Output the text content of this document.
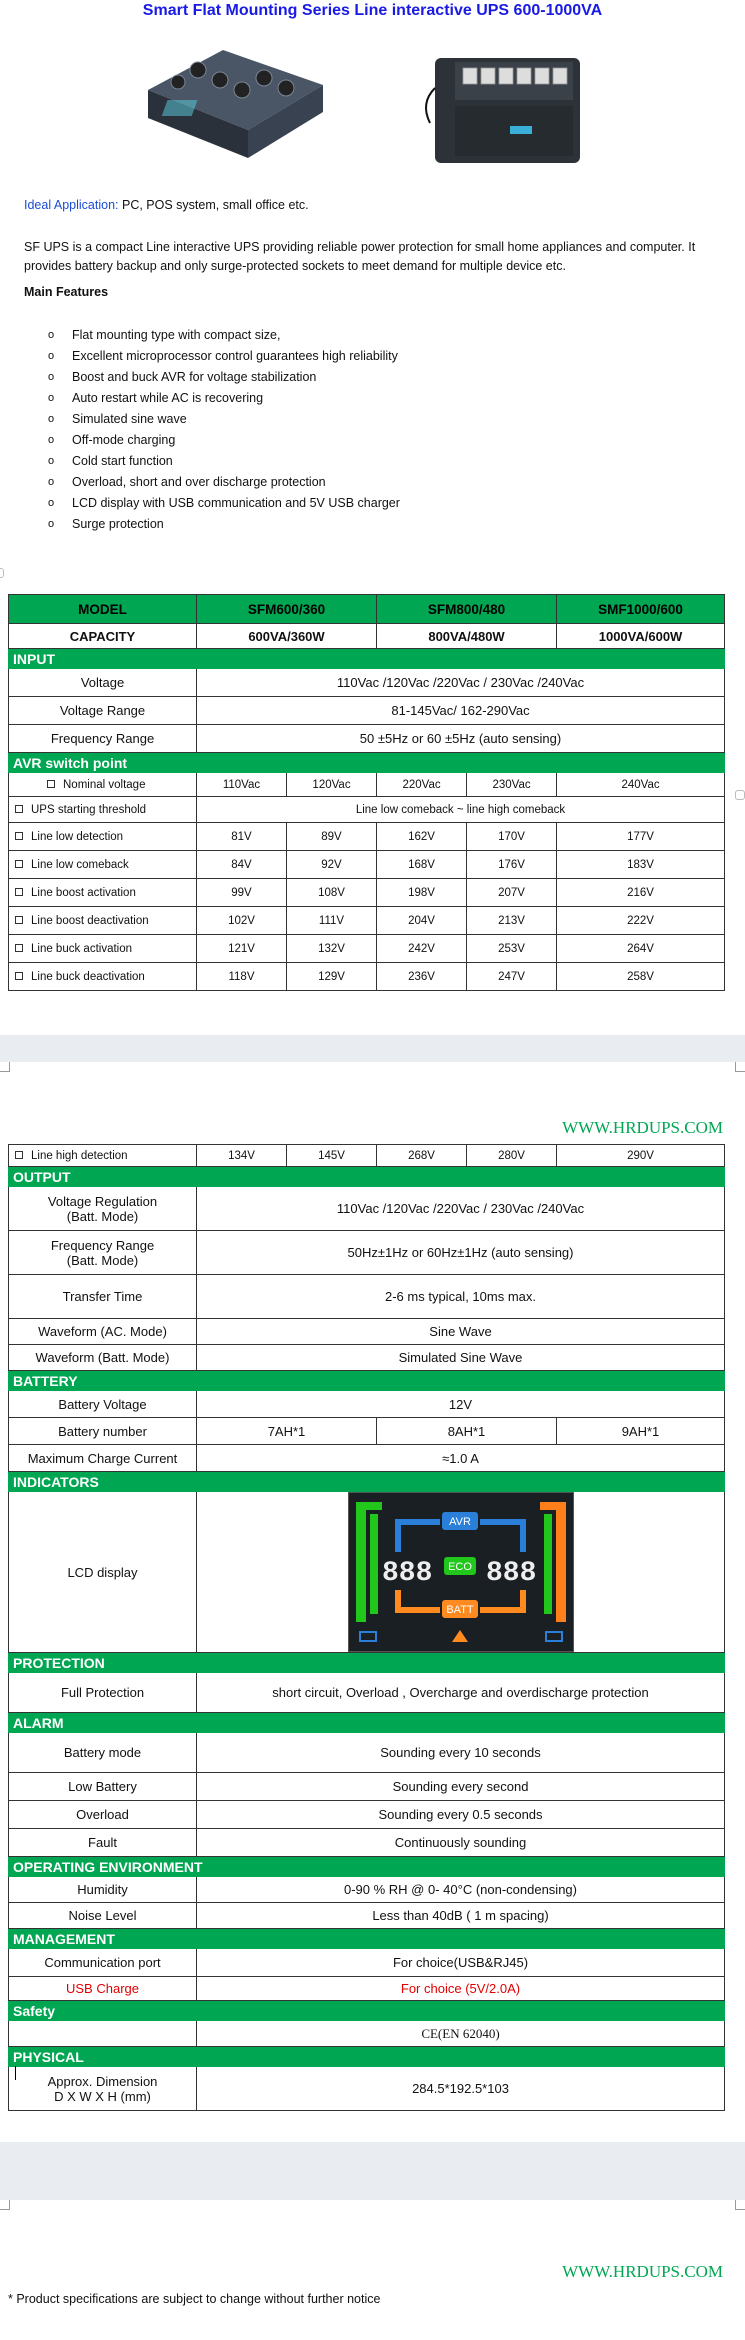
Smart Flat Mounting Series Line interactive UPS 600-1000VA
Ideal Application: PC, POS system, small office etc.
SF UPS is a compact Line interactive UPS providing reliable power protection for small home appliances and computer. It provides battery backup and only surge-protected sockets to meet demand for multiple device etc.
Main Features
o Flat mounting type with compact size,
o Excellent microprocessor control guarantees high reliability
o Boost and buck AVR for voltage stabilization
o Auto restart while AC is recovering
o Simulated sine wave
o Off-mode charging
o Cold start function
o Overload, short and over discharge protection
o LCD display with USB communication and 5V USB charger
o Surge protection
MODEL	SFM600/360		SFM800/480		SMF1000/600
CAPACITY	600VA/360W		800VA/480W		1000VA/600W
INPUT					
Voltage	110Vac /120Vac /220Vac / 230Vac /240Vac				
Voltage Range	81-145Vac/ 162-290Vac				
Frequency Range	50 ±5Hz or 60 ±5Hz (auto sensing)				
AVR switch point					
Nominal voltage	110Vac	120Vac	220Vac	230Vac	240Vac
UPS starting threshold	Line low comeback ~ line high comeback				
Line low detection	81V	89V	162V	170V	177V
Line low comeback	84V	92V	168V	176V	183V
Line boost activation	99V	108V	198V	207V	216V
Line boost deactivation	102V	111V	204V	213V	222V
Line buck activation	121V	132V	242V	253V	264V
Line buck deactivation	118V	129V	236V	247V	258V
WWW.HRDUPS.COM
Line high detection	134V	145V	268V	280V	290V
OUTPUT					
Voltage Regulation
(Batt. Mode)	110Vac /120Vac /220Vac / 230Vac /240Vac				
Frequency Range
(Batt. Mode)	50Hz±1Hz or 60Hz±1Hz (auto sensing)				
Transfer Time	2-6 ms typical, 10ms max.				
Waveform (AC. Mode)	Sine Wave				
Waveform (Batt. Mode)	Simulated Sine Wave				
BATTERY					
Battery Voltage	12V				
Battery number	7AH*1		8AH*1		9AH*1
Maximum Charge Current	≈1.0 A				
INDICATORS					
LCD display	888 888
AVR
ECO
BATT				

PROTECTION					
Full Protection	short circuit, Overload , Overcharge and overdischarge protection				
ALARM					
Battery mode	Sounding every 10 seconds				
Low Battery	Sounding every second				
Overload	Sounding every 0.5 seconds				
Fault	Continuously sounding				
OPERATING ENVIRONMENT					
Humidity	0-90 % RH @ 0- 40°C (non-condensing)				
Noise Level	Less than 40dB ( 1 m spacing)				
MANAGEMENT					
Communication port	For choice(USB&RJ45)				
USB Charge	For choice (5V/2.0A)				
Safety					
	CE(EN 62040)				
PHYSICAL					
Approx. Dimension
D X W X H (mm)	284.5*192.5*103				
WWW.HRDUPS.COM
* Product specifications are subject to change without further notice
